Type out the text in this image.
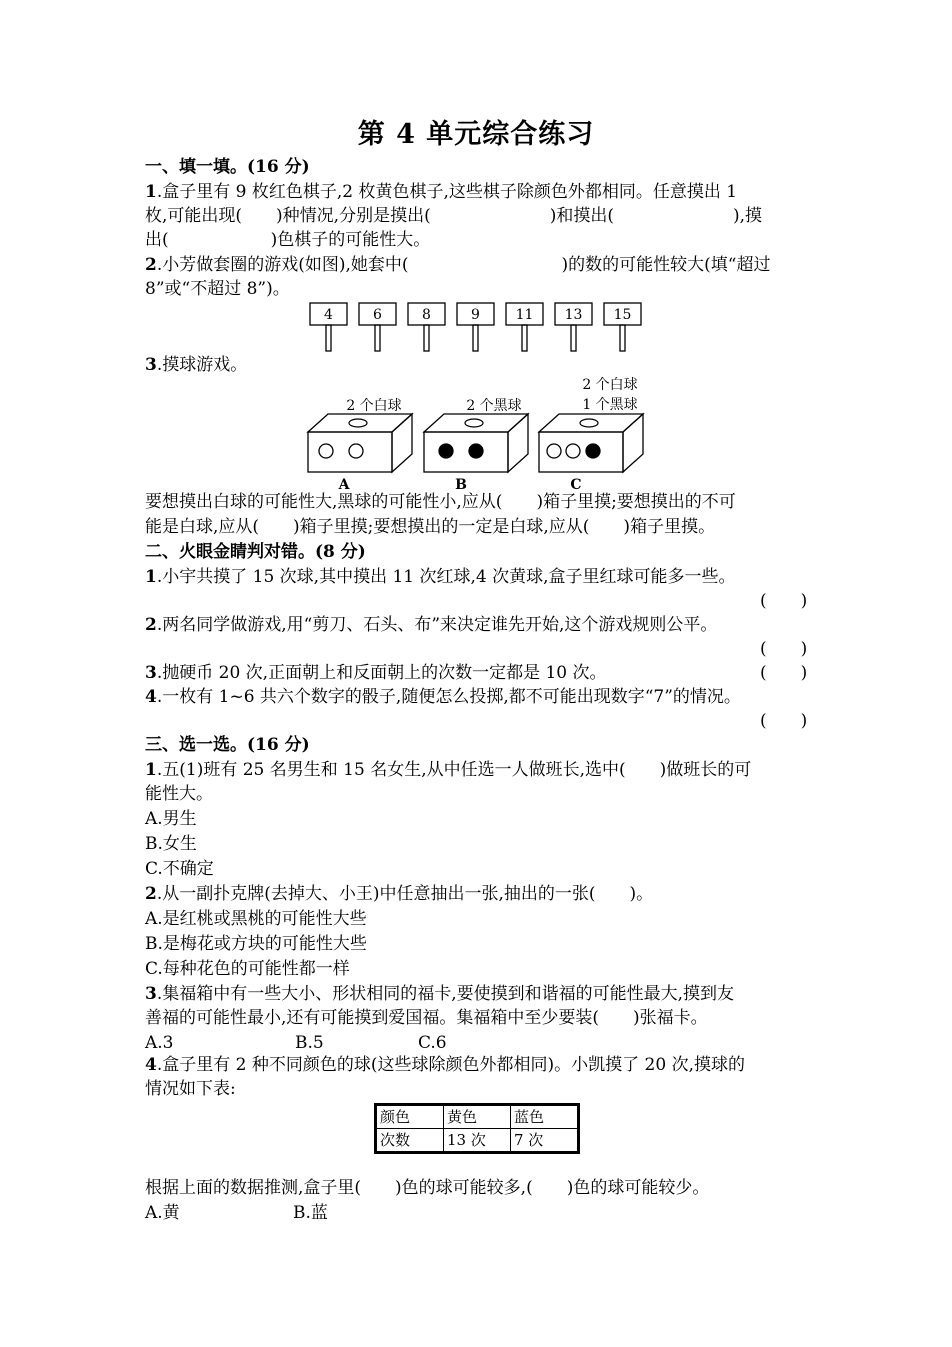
第 4 单元综合练习
一、填一填。(16 分)
1.盒子里有 9 枚红色棋子,2 枚黄色棋子,这些棋子除颜色外都相同。任意摸出 1
枚,可能出现(　　)种情况,分别是摸出(　　　　　　　)和摸出(　　　　　　　),摸
出(　　　　　　)色棋子的可能性大。
2.小芳做套圈的游戏(如图),她套中(　　　　　　　　　)的数的可能性较大(填“超过
8”或“不超过 8”)。
4	6	8	9	11 13 15
3.摸球游戏。
2 个白球
A
2 个黑球
B
2 个白球
1 个黑球
C
要想摸出白球的可能性大,黑球的可能性小,应从(　　)箱子里摸;要想摸出的不可
能是白球,应从(　　)箱子里摸;要想摸出的一定是白球,应从(　　)箱子里摸。
二、火眼金睛判对错。(8 分)
1.小宇共摸了 15 次球,其中摸出 11 次红球,4 次黄球,盒子里红球可能多一些。
(　　)
2.两名同学做游戏,用“剪刀、石头、布”来决定谁先开始,这个游戏规则公平。
(　　)
3.抛硬币 20 次,正面朝上和反面朝上的次数一定都是 10 次。	(　　)
4.一枚有 1~6 共六个数字的骰子,随便怎么投掷,都不可能出现数字“7”的情况。
(　　)
三、选一选。(16 分)
1.五(1)班有 25 名男生和 15 名女生,从中任选一人做班长,选中(　　)做班长的可
能性大。
A.男生
B.女生
C.不确定
2.从一副扑克牌(去掉大、小王)中任意抽出一张,抽出的一张(　　)。
A.是红桃或黑桃的可能性大些
B.是梅花或方块的可能性大些
C.每种花色的可能性都一样
3.集福箱中有一些大小、形状相同的福卡,要使摸到和谐福的可能性最大,摸到友
善福的可能性最小,还有可能摸到爱国福。集福箱中至少要装(　　)张福卡。
A.3	B.5	C.6
4.盒子里有 2 种不同颜色的球(这些球除颜色外都相同)。小凯摸了 20 次,摸球的
情况如下表:
颜色	黄色	蓝色
次数	13 次	7 次
根据上面的数据推测,盒子里(　　)色的球可能较多,(　　)色的球可能较少。
A.黄	B.蓝
